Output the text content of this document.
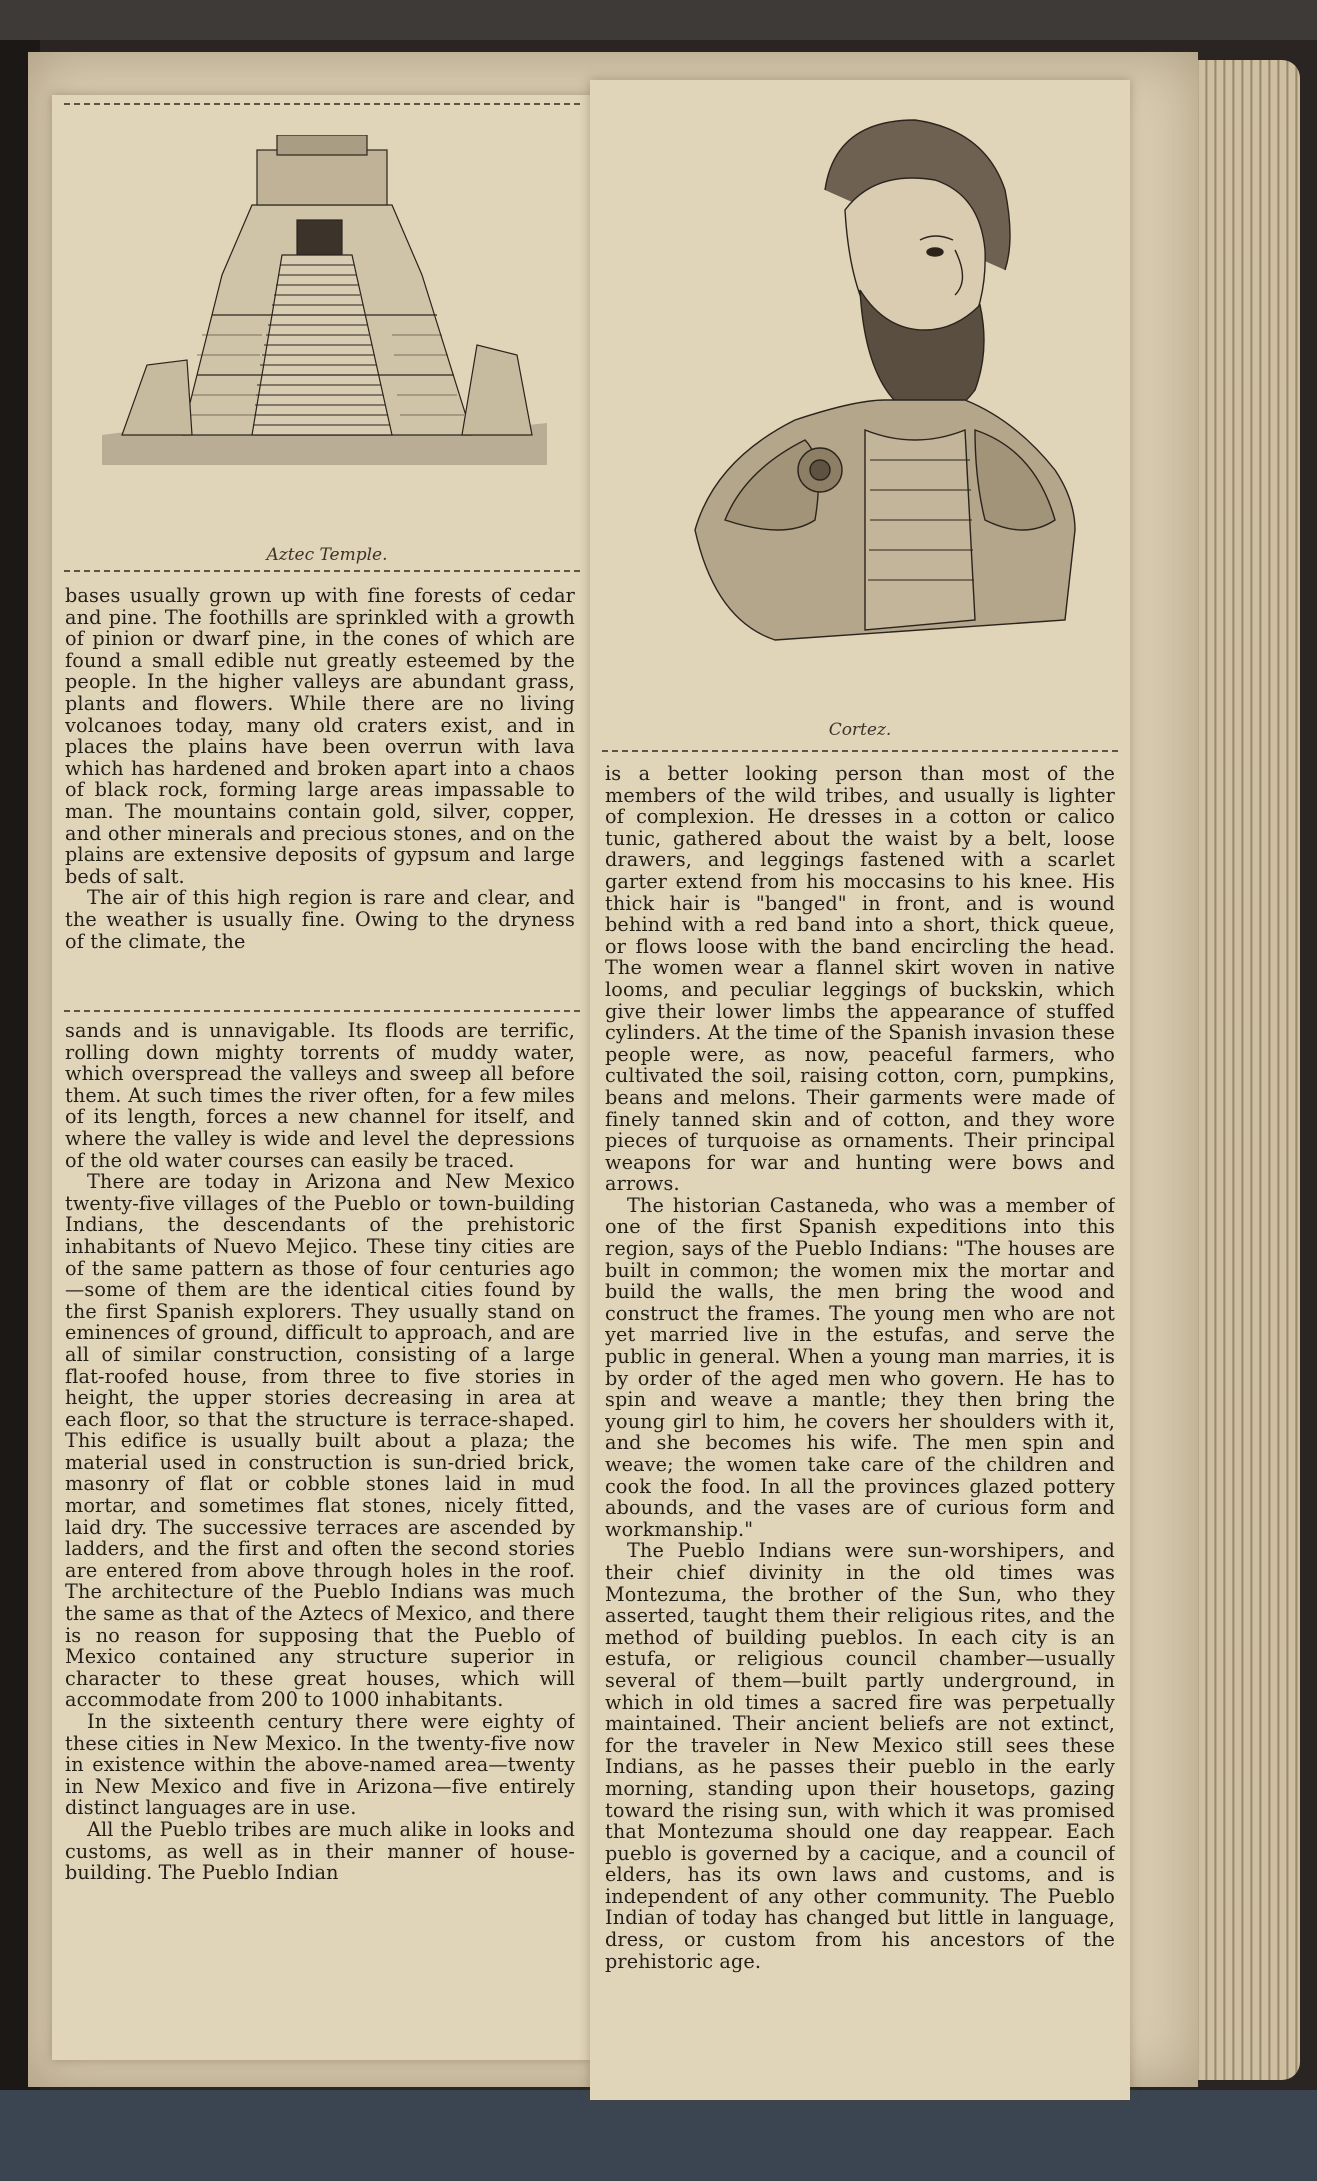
Aztec Temple.

bases usually grown up with fine forests of cedar and pine. The foothills are sprinkled with a growth of pinion or dwarf pine, in the cones of which are found a small edible nut greatly esteemed by the people. In the higher valleys are abundant grass, plants and flowers. While there are no living volcanoes today, many old craters exist, and in places the plains have been overrun with lava which has hardened and broken apart into a chaos of black rock, forming large areas impassable to man. The mountains contain gold, silver, copper, and other minerals and precious stones, and on the plains are extensive deposits of gypsum and large beds of salt.

The air of this high region is rare and clear, and the weather is usually fine. Owing to the dryness of the climate, the

sands and is unnavigable. Its floods are terrific, rolling down mighty torrents of muddy water, which overspread the valleys and sweep all before them. At such times the river often, for a few miles of its length, forces a new channel for itself, and where the valley is wide and level the depressions of the old water courses can easily be traced.

There are today in Arizona and New Mexico twenty-five villages of the Pueblo or town-building Indians, the descendants of the prehistoric inhabitants of Nuevo Mejico. These tiny cities are of the same pattern as those of four centuries ago—some of them are the identical cities found by the first Spanish explorers. They usually stand on eminences of ground, difficult to approach, and are all of similar construction, consisting of a large flat-roofed house, from three to five stories in height, the upper stories decreasing in area at each floor, so that the structure is terrace-shaped. This edifice is usually built about a plaza; the material used in construction is sun-dried brick, masonry of flat or cobble stones laid in mud mortar, and sometimes flat stones, nicely fitted, laid dry. The successive terraces are ascended by ladders, and the first and often the second stories are entered from above through holes in the roof. The architecture of the Pueblo Indians was much the same as that of the Aztecs of Mexico, and there is no reason for supposing that the Pueblo of Mexico contained any structure superior in character to these great houses, which will accommodate from 200 to 1000 inhabitants.

In the sixteenth century there were eighty of these cities in New Mexico. In the twenty-five now in existence within the above-named area—twenty in New Mexico and five in Arizona—five entirely distinct languages are in use.

All the Pueblo tribes are much alike in looks and customs, as well as in their manner of house-building. The Pueblo Indian

Cortez.

is a better looking person than most of the members of the wild tribes, and usually is lighter of complexion. He dresses in a cotton or calico tunic, gathered about the waist by a belt, loose drawers, and leggings fastened with a scarlet garter extend from his moccasins to his knee. His thick hair is "banged" in front, and is wound behind with a red band into a short, thick queue, or flows loose with the band encircling the head. The women wear a flannel skirt woven in native looms, and peculiar leggings of buckskin, which give their lower limbs the appearance of stuffed cylinders. At the time of the Spanish invasion these people were, as now, peaceful farmers, who cultivated the soil, raising cotton, corn, pumpkins, beans and melons. Their garments were made of finely tanned skin and of cotton, and they wore pieces of turquoise as ornaments. Their principal weapons for war and hunting were bows and arrows.

The historian Castaneda, who was a member of one of the first Spanish expeditions into this region, says of the Pueblo Indians: "The houses are built in common; the women mix the mortar and build the walls, the men bring the wood and construct the frames. The young men who are not yet married live in the estufas, and serve the public in general. When a young man marries, it is by order of the aged men who govern. He has to spin and weave a mantle; they then bring the young girl to him, he covers her shoulders with it, and she becomes his wife. The men spin and weave; the women take care of the children and cook the food. In all the provinces glazed pottery abounds, and the vases are of curious form and workmanship."

The Pueblo Indians were sun-worshipers, and their chief divinity in the old times was Montezuma, the brother of the Sun, who they asserted, taught them their religious rites, and the method of building pueblos. In each city is an estufa, or religious council chamber—usually several of them—built partly underground, in which in old times a sacred fire was perpetually maintained. Their ancient beliefs are not extinct, for the traveler in New Mexico still sees these Indians, as he passes their pueblo in the early morning, standing upon their housetops, gazing toward the rising sun, with which it was promised that Montezuma should one day reappear. Each pueblo is governed by a cacique, and a council of elders, has its own laws and customs, and is independent of any other community. The Pueblo Indian of today has changed but little in language, dress, or custom from his ancestors of the prehistoric age.
